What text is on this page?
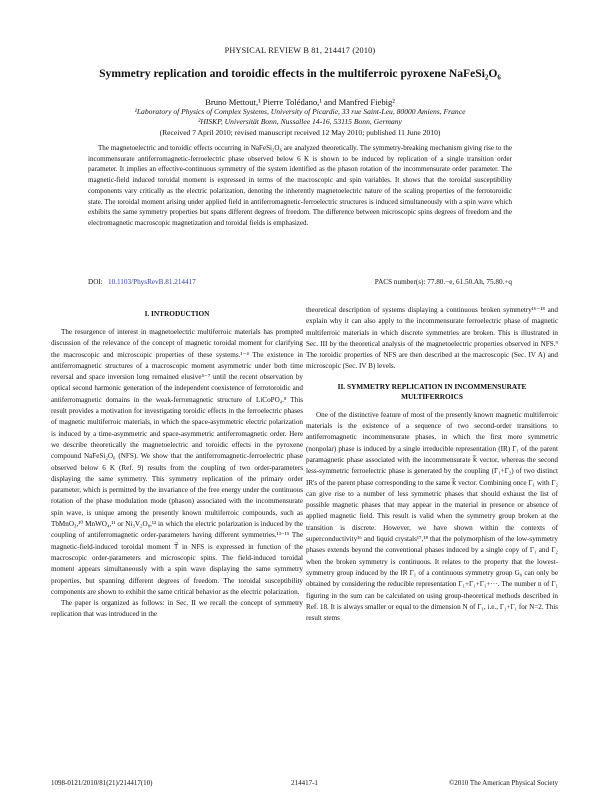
PHYSICAL REVIEW B 81, 214417 (2010)
Symmetry replication and toroidic effects in the multiferroic pyroxene NaFeSi₂O₆
Bruno Mettout,¹ Pierre Tolédano,¹ and Manfred Fiebig²
¹Laboratory of Physics of Complex Systems, University of Picardie, 33 rue Saint-Leu, 80000 Amiens, France
²HISKP, Universität Bonn, Nussallee 14-16, 53115 Bonn, Germany
(Received 7 April 2010; revised manuscript received 12 May 2010; published 11 June 2010)

The magnetoelectric and toroidic effects occurring in NaFeSi₂O₆ are analyzed theoretically. The symmetry-breaking mechanism giving rise to the incommensurate antiferromagnetic-ferroelectric phase observed below 6 K is shown to be induced by replication of a single transition order parameter. It implies an effective-continuous symmetry of the system identified as the phason rotation of the incommensurate order parameter. The magnetic-field induced toroidal moment is expressed in terms of the macroscopic and spin variables. It shows that the toroidal susceptibility components vary critically as the electric polarization, denoting the inherently magnetoelectric nature of the scaling properties of the ferrotoroidic state. The toroidal moment arising under applied field in antiferromagnetic-ferroelectric structures is induced simultaneously with a spin wave which exhibits the same symmetry properties but spans different degrees of freedom. The difference between microscopic spins degrees of freedom and the electromagnetic macroscopic magnetization and toroidal fields is emphasized.

DOI: 10.1103/PhysRevB.81.214417	PACS number(s): 77.80.−e, 61.50.Ah, 75.80.+q
I. INTRODUCTION

The resurgence of interest in magnetoelectric multiferroic materials has prompted discussion of the relevance of the concept of magnetic toroidal moment for clarifying the macroscopic and microscopic properties of these systems.¹⁻⁴ The existence in antiferromagnetic structures of a macroscopic moment asymmetric under both time reversal and space inversion long remained elusive⁵⁻⁷ until the recent observation by optical second harmonic generation of the independent coexistence of ferrotoroidic and antiferromagnetic domains in the weak-ferromagnetic structure of LiCoPO₄.⁸ This result provides a motivation for investigating toroidic effects in the ferroelectric phases of magnetic multiferroic materials, in which the space-asymmetric electric polarization is induced by a time-asymmetric and space-asymmetric antiferromagnetic order. Here we describe theoretically the magnetoelectric and toroidic effects in the pyroxene compound NaFeSi₂O₆ (NFS). We show that the antiferromagnetic-ferroelectric phase observed below 6 K (Ref. 9) results from the coupling of two order-parameters displaying the same symmetry. This symmetry replication of the primary order parameter, which is permitted by the invariance of the free energy under the continuous rotation of the phase modulation mode (phason) associated with the incommensurate spin wave, is unique among the presently known multiferroic compounds, such as TbMnO₃,¹⁰ MnWO₄,¹¹ or Ni₃V₂O₈,¹² in which the electric polarization is induced by the coupling of antiferromagnetic order-parameters having different symmetries.¹³⁻¹⁵ The magnetic-field-induced toroidal moment T⃗ in NFS is expressed in function of the macroscopic order-parameters and microscopic spins. The field-induced toroidal moment appears simultaneously with a spin wave displaying the same symmetry properties, but spanning different degrees of freedom. The toroidal susceptibility components are shown to exhibit the same critical behavior as the electric polarization.

The paper is organized as follows: in Sec. II we recall the concept of symmetry replication that was introduced in the

theoretical description of systems displaying a continuous broken symmetry¹⁶⁻¹⁸ and explain why it can also apply to the incommensurate ferroelectric phase of magnetic multiferroic materials in which discrete symmetries are broken. This is illustrated in Sec. III by the theoretical analysis of the magnetoelectric properties observed in NFS.⁹ The toroidic properties of NFS are then described at the macroscopic (Sec. IV A) and microscopic (Sec. IV B) levels.

II. SYMMETRY REPLICATION IN INCOMMENSURATE MULTIFERROICS

One of the distinctive feature of most of the presently known magnetic multiferroic materials is the existence of a sequence of two second-order transitions to antiferromagnetic incommensurate phases, in which the first more symmetric (nonpolar) phase is induced by a single irreducible representation (IR) Γ₁ of the parent paramagnetic phase associated with the incommensurate k⃗ vector, whereas the second less-symmetric ferroelectric phase is generated by the coupling (Γ₁+Γ₂) of two distinct IR's of the parent phase corresponding to the same k⃗ vector. Combining once Γ₁ with Γ₂ can give rise to a number of less symmetric phases that should exhaust the list of possible magnetic phases that may appear in the material in presence or absence of applied magnetic field. This result is valid when the symmetry group broken at the transition is discrete. However, we have shown within the contexts of superconductivity¹⁶ and liquid crystals¹⁷,¹⁸ that the polymorphism of the low-symmetry phases extends beyond the conventional phases induced by a single copy of Γ₁ and Γ₂ when the broken symmetry is continuous. It relates to the property that the lowest-symmetry group induced by the IR Γ₁ of a continuous symmetry group G₀ can only be obtained by considering the reducible representation Γ₁+Γ₁+Γ₁+···. The number n of Γ₁ figuring in the sum can be calculated on using group-theoretical methods described in Ref. 18. It is always smaller or equal to the dimension N of Γ₁, i.e., Γ₁+Γ₁ for N=2. This result stems

1098-0121/2010/81(21)/214417(10)	214417-1	©2010 The American Physical Society
